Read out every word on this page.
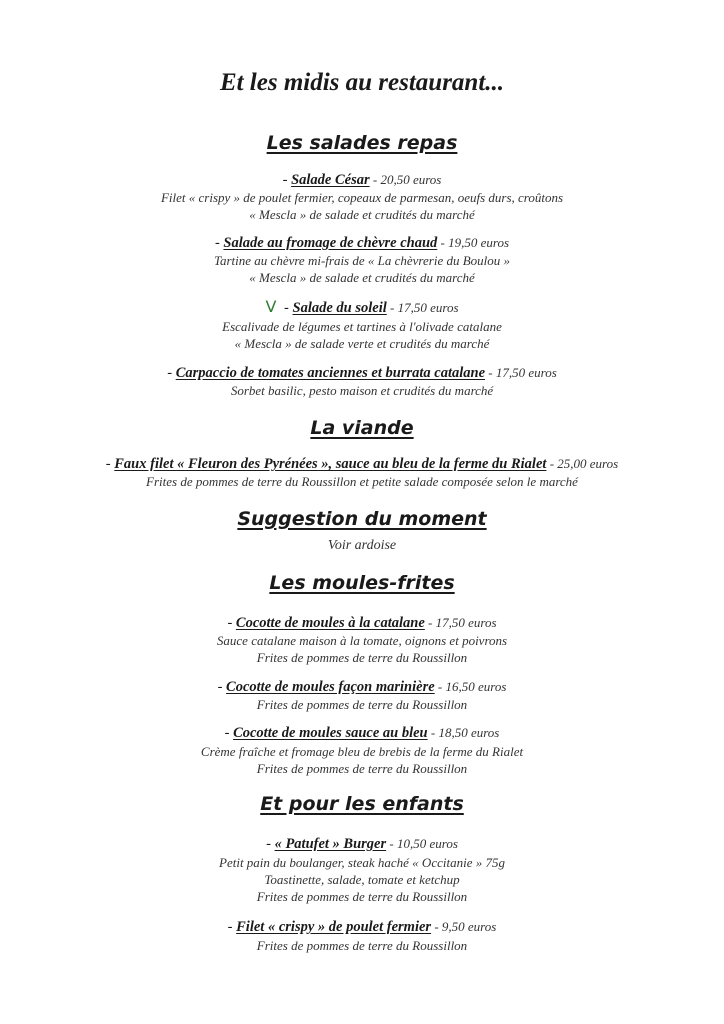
Et les midis au restaurant...
Les salades repas
- Salade César - 20,50 euros
Filet « crispy » de poulet fermier, copeaux de parmesan, oeufs durs, croûtons
« Mescla » de salade et crudités du marché
- Salade au fromage de chèvre chaud - 19,50 euros
Tartine au chèvre mi-frais de « La chèvrerie du Boulou »
« Mescla » de salade et crudités du marché
V - Salade du soleil - 17,50 euros
Escalivade de légumes et tartines à l'olivade catalane
« Mescla » de salade verte et crudités du marché
- Carpaccio de tomates anciennes et burrata catalane - 17,50 euros
Sorbet basilic, pesto maison et crudités du marché
La viande
- Faux filet « Fleuron des Pyrénées », sauce au bleu de la ferme du Rialet - 25,00 euros
Frites de pommes de terre du Roussillon et petite salade composée selon le marché
Suggestion du moment
Voir ardoise
Les moules-frites
- Cocotte de moules à la catalane - 17,50 euros
Sauce catalane maison à la tomate, oignons et poivrons
Frites de pommes de terre du Roussillon
- Cocotte de moules façon marinière - 16,50 euros
Frites de pommes de terre du Roussillon
- Cocotte de moules sauce au bleu - 18,50 euros
Crème fraîche et fromage bleu de brebis de la ferme du Rialet
Frites de pommes de terre du Roussillon
Et pour les enfants
- « Patufet » Burger - 10,50 euros
Petit pain du boulanger, steak haché « Occitanie » 75g
Toastinette, salade, tomate et ketchup
Frites de pommes de terre du Roussillon
- Filet « crispy » de poulet fermier - 9,50 euros
Frites de pommes de terre du Roussillon
